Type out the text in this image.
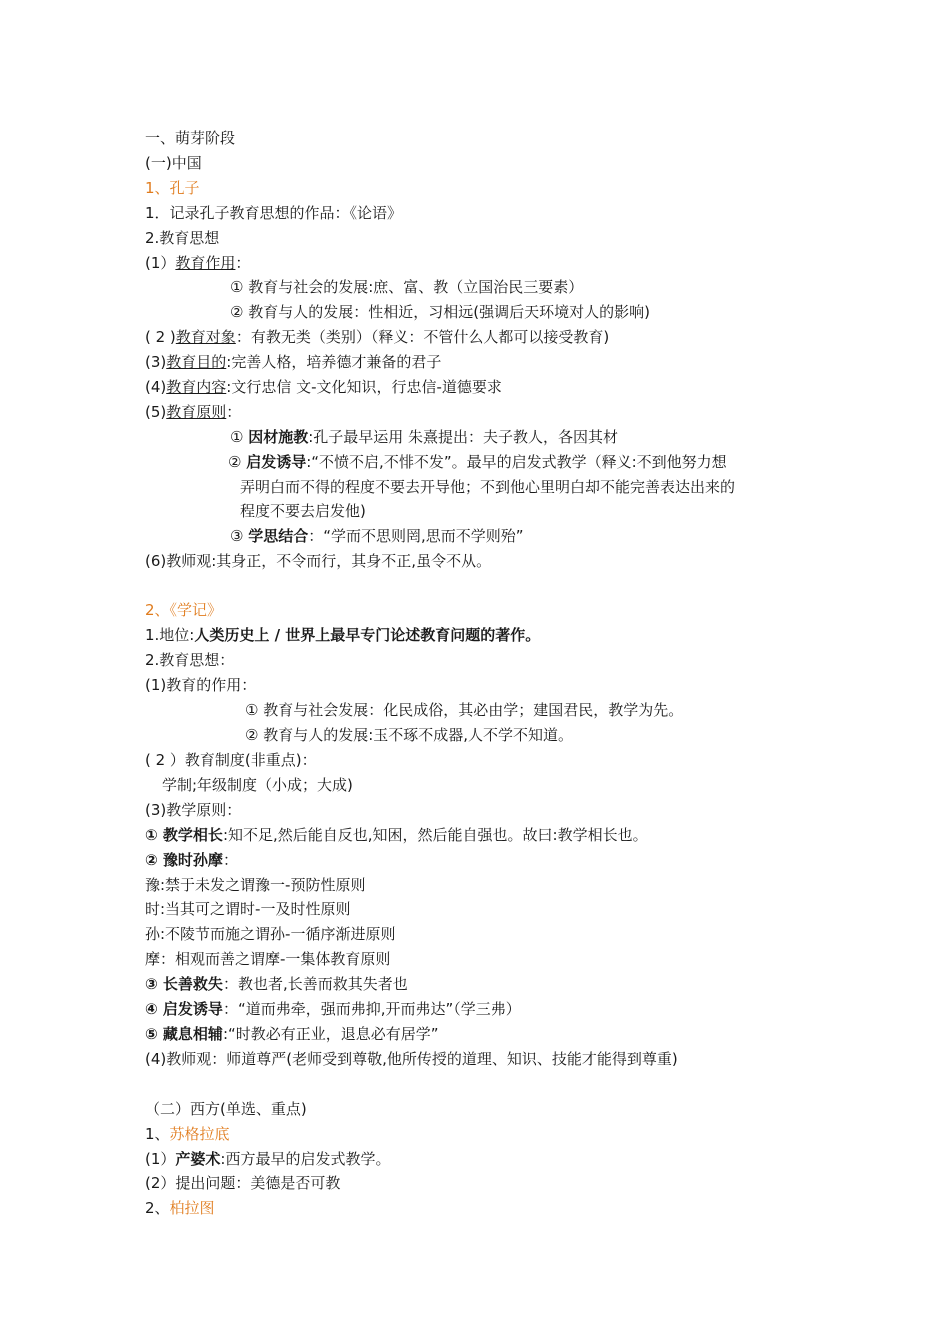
一、萌芽阶段
(一)中国
1、孔子
1．记录孔子教育思想的作品：《论语》
2.教育思想
(1）教育作用：
① 教育与社会的发展:庶、富、教（立国治民三要素）
② 教育与人的发展：性相近，习相远(强调后天环境对人的影响)
( 2 )教育对象：有教无类（类别）（释义：不管什么人都可以接受教育)
(3)教育目的:完善人格，培养德才兼备的君子
(4)教育内容:文行忠信 文-文化知识，行忠信-道德要求
(5)教育原则：
① 因材施教:孔子最早运用 朱熹提出：夫子教人，各因其材
② 启发诱导:“不愤不启,不悱不发”。最早的启发式教学（释义:不到他努力想
弄明白而不得的程度不要去开导他；不到他心里明白却不能完善表达出来的
程度不要去启发他)
③ 学思结合：“学而不思则罔,思而不学则殆”
(6)教师观:其身正，不令而行，其身不正,虽令不从。
2、《学记》
1.地位:人类历史上 / 世界上最早专门论述教育问题的著作。
2.教育思想：
(1)教育的作用：
① 教育与社会发展：化民成俗，其必由学；建国君民，教学为先。
② 教育与人的发展:玉不琢不成器,人不学不知道。
( 2 ）教育制度(非重点)：
学制;年级制度（小成；大成)
(3)教学原则：
① 教学相长:知不足,然后能自反也,知困，然后能自强也。故曰:教学相长也。
② 豫时孙摩：
豫:禁于未发之谓豫一-预防性原则
时:当其可之谓时-一及时性原则
孙:不陵节而施之谓孙-一循序渐进原则
摩：相观而善之谓摩-一集体教育原则
③ 长善救失：教也者,长善而救其失者也
④ 启发诱导：“道而弗牵，强而弗抑,开而弗达”（学三弗）
⑤ 藏息相辅:“时教必有正业，退息必有居学”
(4)教师观：师道尊严(老师受到尊敬,他所传授的道理、知识、技能才能得到尊重)
（二）西方(单选、重点)
1、苏格拉底
(1）产婆术:西方最早的启发式教学。
(2）提出问题：美德是否可教
2、柏拉图
